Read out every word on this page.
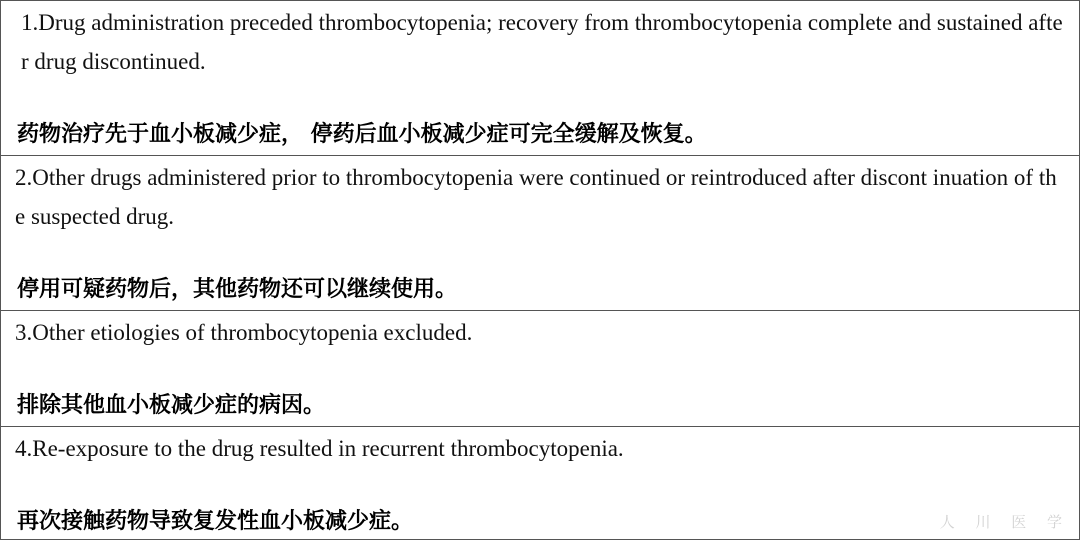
1.Drug administration preceded thrombocytopenia; recovery from thrombocytopenia complete and sustained after drug discontinued.
药物治疗先于血小板减少症， 停药后血小板减少症可完全缓解及恢复。
2.Other drugs administered prior to thrombocytopenia were continued or reintroduced after discont inuation of the suspected drug.
停用可疑药物后，其他药物还可以继续使用。
3.Other etiologies of thrombocytopenia excluded.
排除其他血小板减少症的病因。
4.Re-exposure to the drug resulted in recurrent thrombocytopenia.
再次接触药物导致复发性血小板减少症。	人 川 医 学
